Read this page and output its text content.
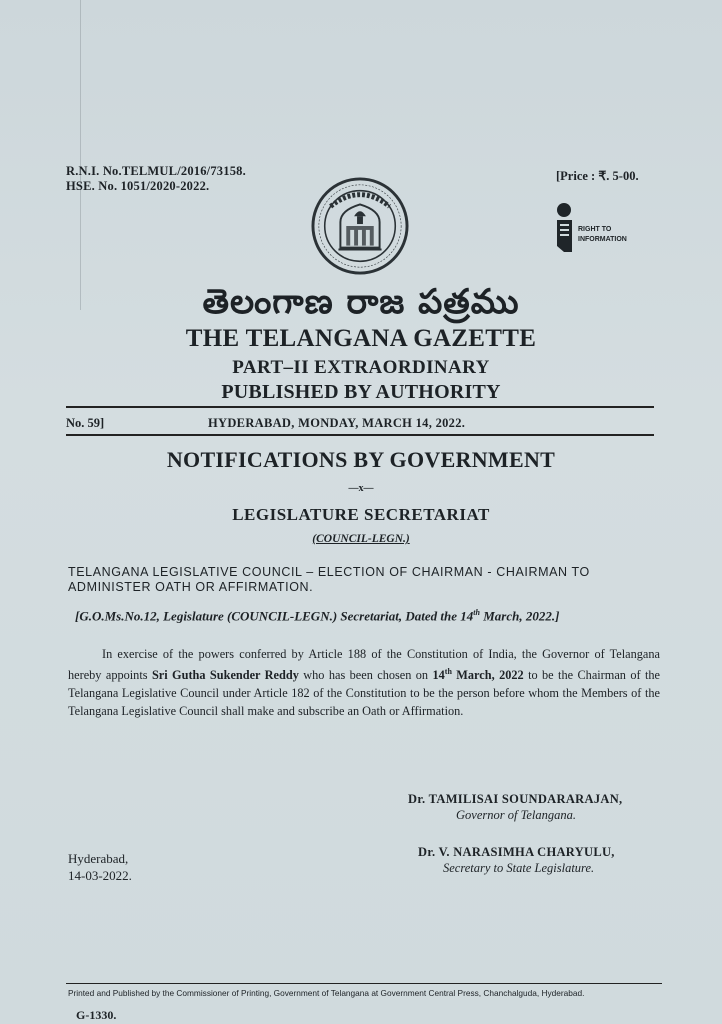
R.N.I. No.TELMUL/2016/73158.
HSE. No. 1051/2020-2022.
[Price : ₹. 5-00.
RIGHT TO
INFORMATION
తెలంగాణ రాజ పత్రము
THE TELANGANA GAZETTE
PART–II EXTRAORDINARY
PUBLISHED BY AUTHORITY
No. 59]	HYDERABAD, MONDAY, MARCH 14, 2022.
NOTIFICATIONS BY GOVERNMENT
—x—
LEGISLATURE SECRETARIAT
(COUNCIL-LEGN.)
TELANGANA LEGISLATIVE COUNCIL – ELECTION OF CHAIRMAN - CHAIRMAN TO ADMINISTER OATH OR AFFIRMATION.
[G.O.Ms.No.12, Legislature (COUNCIL-LEGN.) Secretariat, Dated the 14th March, 2022.]
In exercise of the powers conferred by Article 188 of the Constitution of India, the Governor of Telangana hereby appoints Sri Gutha Sukender Reddy who has been chosen on 14th March, 2022 to be the Chairman of the Telangana Legislative Council under Article 182 of the Constitution to be the person before whom the Members of the Telangana Legislative Council shall make and subscribe an Oath or Affirmation.
Dr. TAMILISAI SOUNDARARAJAN,
Governor of Telangana.
Dr. V. NARASIMHA CHARYULU,
Secretary to State Legislature.
Hyderabad,
14-03-2022.
Printed and Published by the Commissioner of Printing, Government of Telangana at Government Central Press, Chanchalguda, Hyderabad.
G-1330.
